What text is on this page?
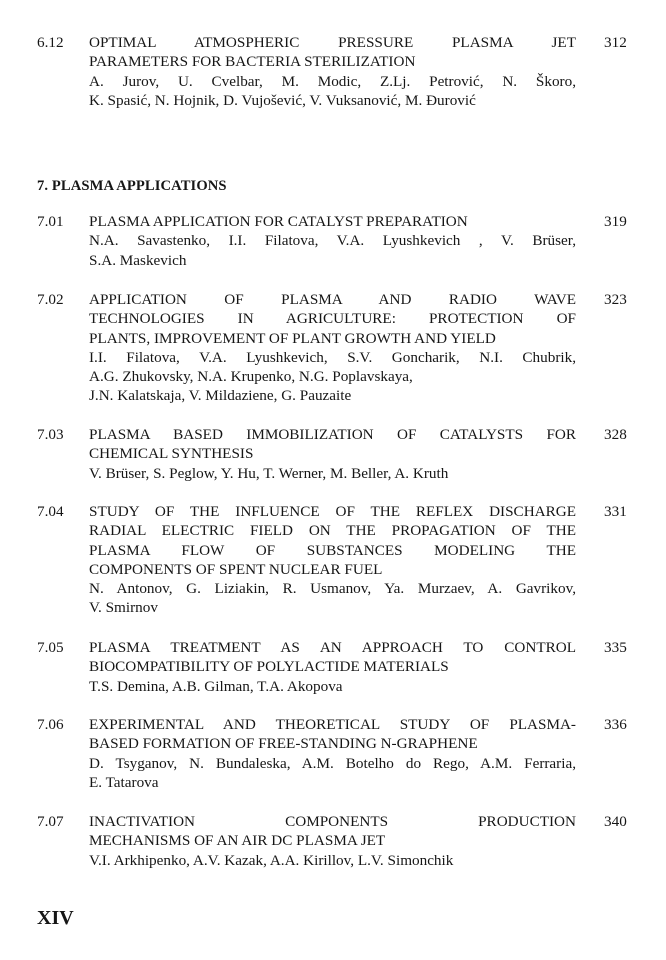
6.12 OPTIMAL ATMOSPHERIC PRESSURE PLASMA JET
PARAMETERS FOR BACTERIA STERILIZATION
A. Jurov, U. Cvelbar, M. Modic, Z.Lj. Petrović, N. Škoro,
K. Spasić, N. Hojnik, D. Vujošević, V. Vuksanović, M. Đurović
312
7. PLASMA APPLICATIONS
7.01 PLASMA APPLICATION FOR CATALYST PREPARATION
N.A. Savastenko, I.I. Filatova, V.A. Lyushkevich , V. Brüser,
S.A. Maskevich
319
7.02 APPLICATION OF PLASMA AND RADIO WAVE
TECHNOLOGIES IN AGRICULTURE: PROTECTION OF
PLANTS, IMPROVEMENT OF PLANT GROWTH AND YIELD
I.I. Filatova, V.A. Lyushkevich, S.V. Goncharik, N.I. Chubrik,
A.G. Zhukovsky, N.A. Krupenko, N.G. Poplavskaya,
J.N. Kalatskaja, V. Mildaziene, G. Pauzaite
323
7.03 PLASMA BASED IMMOBILIZATION OF CATALYSTS FOR
CHEMICAL SYNTHESIS
V. Brüser, S. Peglow, Y. Hu, T. Werner, M. Beller, A. Kruth
328
7.04 STUDY OF THE INFLUENCE OF THE REFLEX DISCHARGE
RADIAL ELECTRIC FIELD ON THE PROPAGATION OF THE
PLASMA FLOW OF SUBSTANCES MODELING THE
COMPONENTS OF SPENT NUCLEAR FUEL
N. Antonov, G. Liziakin, R. Usmanov, Ya. Murzaev, A. Gavrikov,
V. Smirnov
331
7.05 PLASMA TREATMENT AS AN APPROACH TO CONTROL
BIOCOMPATIBILITY OF POLYLACTIDE MATERIALS
T.S. Demina, A.B. Gilman, T.A. Akopova
335
7.06 EXPERIMENTAL AND THEORETICAL STUDY OF PLASMA-
BASED FORMATION OF FREE-STANDING N-GRAPHENE
D. Tsyganov, N. Bundaleska, A.M. Botelho do Rego, A.M. Ferraria,
E. Tatarova
336
7.07 INACTIVATION COMPONENTS PRODUCTION
MECHANISMS OF AN AIR DC PLASMA JET
V.I. Arkhipenko, A.V. Kazak, A.A. Kirillov, L.V. Simonchik
340
XIV
